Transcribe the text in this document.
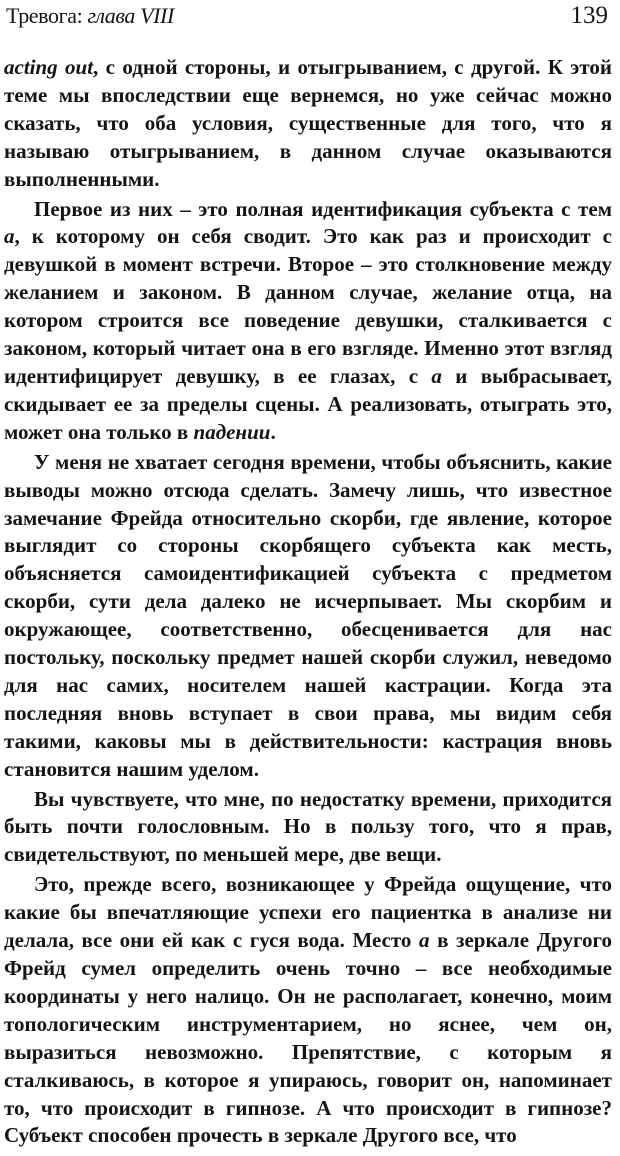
Тревога: глава VIII	139

acting out, с одной стороны, и отыгрыванием, с другой. К этой теме мы впоследствии еще вернемся, но уже сейчас можно сказать, что оба условия, существенные для того, что я называю отыгрыванием, в данном случае оказываются выполненными.

Первое из них – это полная идентификация субъекта с тем а, к которому он себя сводит. Это как раз и происходит с девушкой в момент встречи. Второе – это столкновение между желанием и законом. В данном случае, желание отца, на котором строится все поведение девушки, сталкивается с законом, который читает она в его взгляде. Именно этот взгляд идентифицирует девушку, в ее глазах, с а и выбрасывает, скидывает ее за пределы сцены. А реализовать, отыграть это, может она только в падении.

У меня не хватает сегодня времени, чтобы объяснить, какие выводы можно отсюда сделать. Замечу лишь, что известное замечание Фрейда относительно скорби, где явление, которое выглядит со стороны скорбящего субъекта как месть, объясняется самоидентификацией субъекта с предметом скорби, сути дела далеко не исчерпывает. Мы скорбим и окружающее, соответственно, обесценивается для нас постольку, поскольку предмет нашей скорби служил, неведомо для нас самих, носителем нашей кастрации. Когда эта последняя вновь вступает в свои права, мы видим себя такими, каковы мы в действительности: кастрация вновь становится нашим уделом.

Вы чувствуете, что мне, по недостатку времени, приходится быть почти голословным. Но в пользу того, что я прав, свидетельствуют, по меньшей мере, две вещи.

Это, прежде всего, возникающее у Фрейда ощущение, что какие бы впечатляющие успехи его пациентка в анализе ни делала, все они ей как с гуся вода. Место а в зеркале Другого Фрейд сумел определить очень точно – все необходимые координаты у него налицо. Он не располагает, конечно, моим топологическим инструментарием, но яснее, чем он, выразиться невозможно. Препятствие, с которым я сталкиваюсь, в которое я упираюсь, говорит он, напоминает то, что происходит в гипнозе. А что происходит в гипнозе? Субъект способен прочесть в зеркале Другого все, что
